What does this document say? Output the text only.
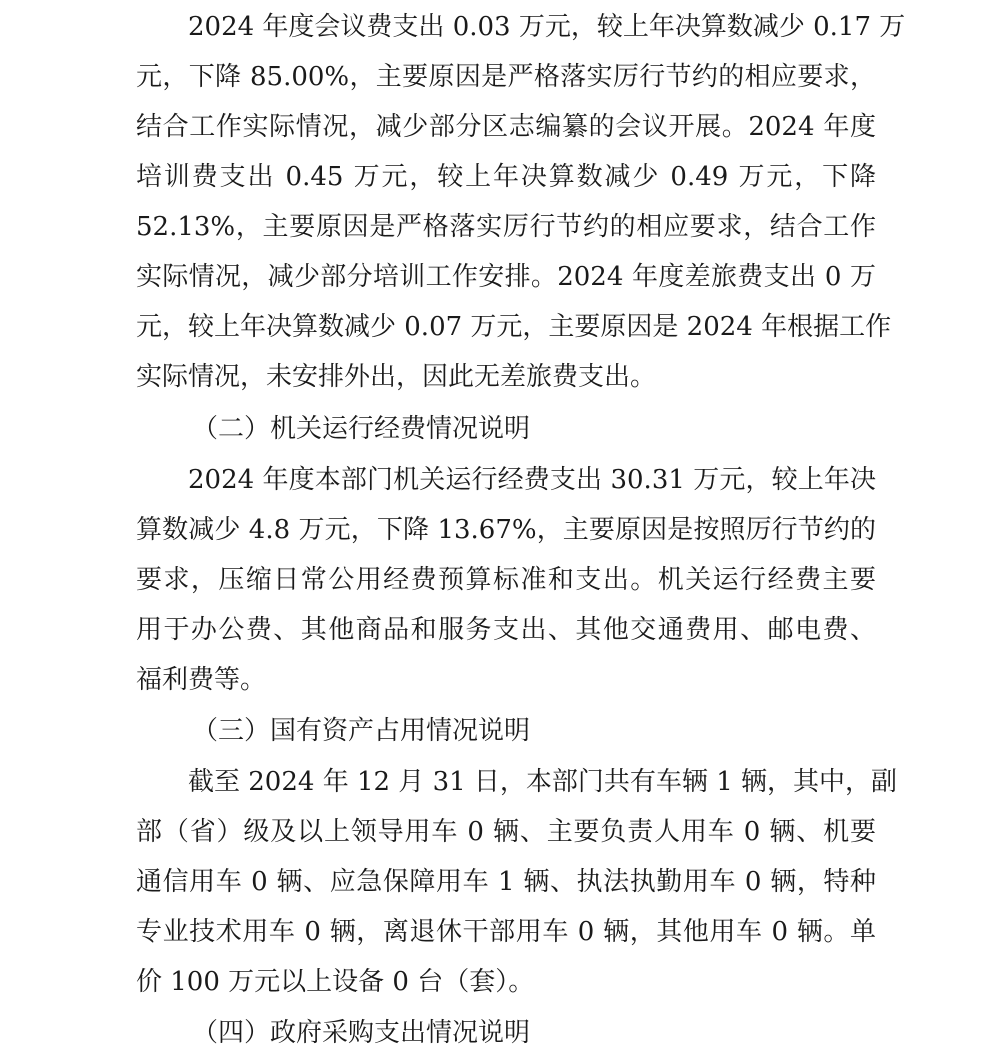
2024 年度会议费支出 0.03 万元，较上年决算数减少 0.17 万
元，下降 85.00%，主要原因是严格落实厉行节约的相应要求，
结合工作实际情况，减少部分区志编纂的会议开展。2024 年度
培训费支出 0.45 万元，较上年决算数减少 0.49 万元，下降
52.13%，主要原因是严格落实厉行节约的相应要求，结合工作
实际情况，减少部分培训工作安排。2024 年度差旅费支出 0 万
元，较上年决算数减少 0.07 万元，主要原因是 2024 年根据工作
实际情况，未安排外出，因此无差旅费支出。
（二）机关运行经费情况说明
2024 年度本部门机关运行经费支出 30.31 万元，较上年决
算数减少 4.8 万元，下降 13.67%，主要原因是按照厉行节约的
要求，压缩日常公用经费预算标准和支出。机关运行经费主要
用于办公费、其他商品和服务支出、其他交通费用、邮电费、
福利费等。
（三）国有资产占用情况说明
截至 2024 年 12 月 31 日，本部门共有车辆 1 辆，其中，副
部（省）级及以上领导用车 0 辆、主要负责人用车 0 辆、机要
通信用车 0 辆、应急保障用车 1 辆、执法执勤用车 0 辆，特种
专业技术用车 0 辆，离退休干部用车 0 辆，其他用车 0 辆。单
价 100 万元以上设备 0 台（套）。
（四）政府采购支出情况说明
